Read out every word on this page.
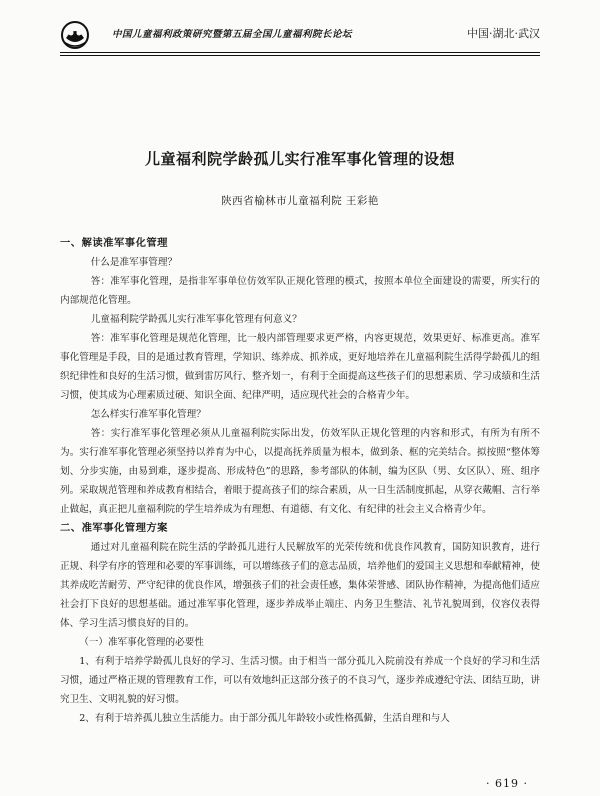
中国儿童福利政策研究暨第五届全国儿童福利院长论坛	中国·湖北·武汉
儿童福利院学龄孤儿实行准军事化管理的设想
陕西省榆林市儿童福利院 王彩艳

一、解读准军事化管理

什么是准军事管理？

答：准军事化管理，是指非军事单位仿效军队正规化管理的模式，按照本单位全面建设的需要，所实行的内部规范化管理。

儿童福利院学龄孤儿实行准军事化管理有何意义？

答：准军事化管理是规范化管理，比一般内部管理要求更严格，内容更规范，效果更好、标准更高。准军事化管理是手段，目的是通过教育管理，学知识、练养成、抓养成，更好地培养在儿童福利院生活得学龄孤儿的组织纪律性和良好的生活习惯，做到雷厉风行、整齐划一，有利于全面提高这些孩子们的思想素质、学习成绩和生活习惯，使其成为心理素质过硬、知识全面、纪律严明，适应现代社会的合格青少年。

怎么样实行准军事化管理？

答：实行准军事化管理必须从儿童福利院实际出发，仿效军队正规化管理的内容和形式，有所为有所不为。实行准军事化管理必须坚持以养育为中心，以提高抚养质量为根本，做到条、框的完美结合。拟按照“整体筹划、分步实施，由易到难，逐步提高、形成特色”的思路，参考部队的体制，编为区队（男、女区队）、班、组序列。采取规范管理和养成教育相结合，着眼于提高孩子们的综合素质，从一日生活制度抓起，从穿衣戴帽、言行举止做起，真正把儿童福利院的学生培养成为有理想、有道德、有文化、有纪律的社会主义合格青少年。

二、准军事化管理方案

通过对儿童福利院在院生活的学龄孤儿进行人民解放军的光荣传统和优良作风教育，国防知识教育，进行正规、科学有序的管理和必要的军事训练，可以增练孩子们的意志品质，培养他们的爱国主义思想和奉献精神，使其养成吃苦耐劳、严守纪律的优良作风，增强孩子们的社会责任感，集体荣誉感、团队协作精神，为提高他们适应社会打下良好的思想基础。通过准军事化管理，逐步养成举止端庄、内务卫生整洁、礼节礼貌周到，仪容仪表得体、学习生活习惯良好的目的。

（一）准军事化管理的必要性

1、有利于培养学龄孤儿良好的学习、生活习惯。由于相当一部分孤儿入院前没有养成一个良好的学习和生活习惯，通过严格正规的管理教育工作，可以有效地纠正这部分孩子的不良习气，逐步养成遵纪守法、团结互助，讲究卫生、文明礼貌的好习惯。

2、有利于培养孤儿独立生活能力。由于部分孤儿年龄较小或性格孤僻，生活自理和与人

· 619 ·
